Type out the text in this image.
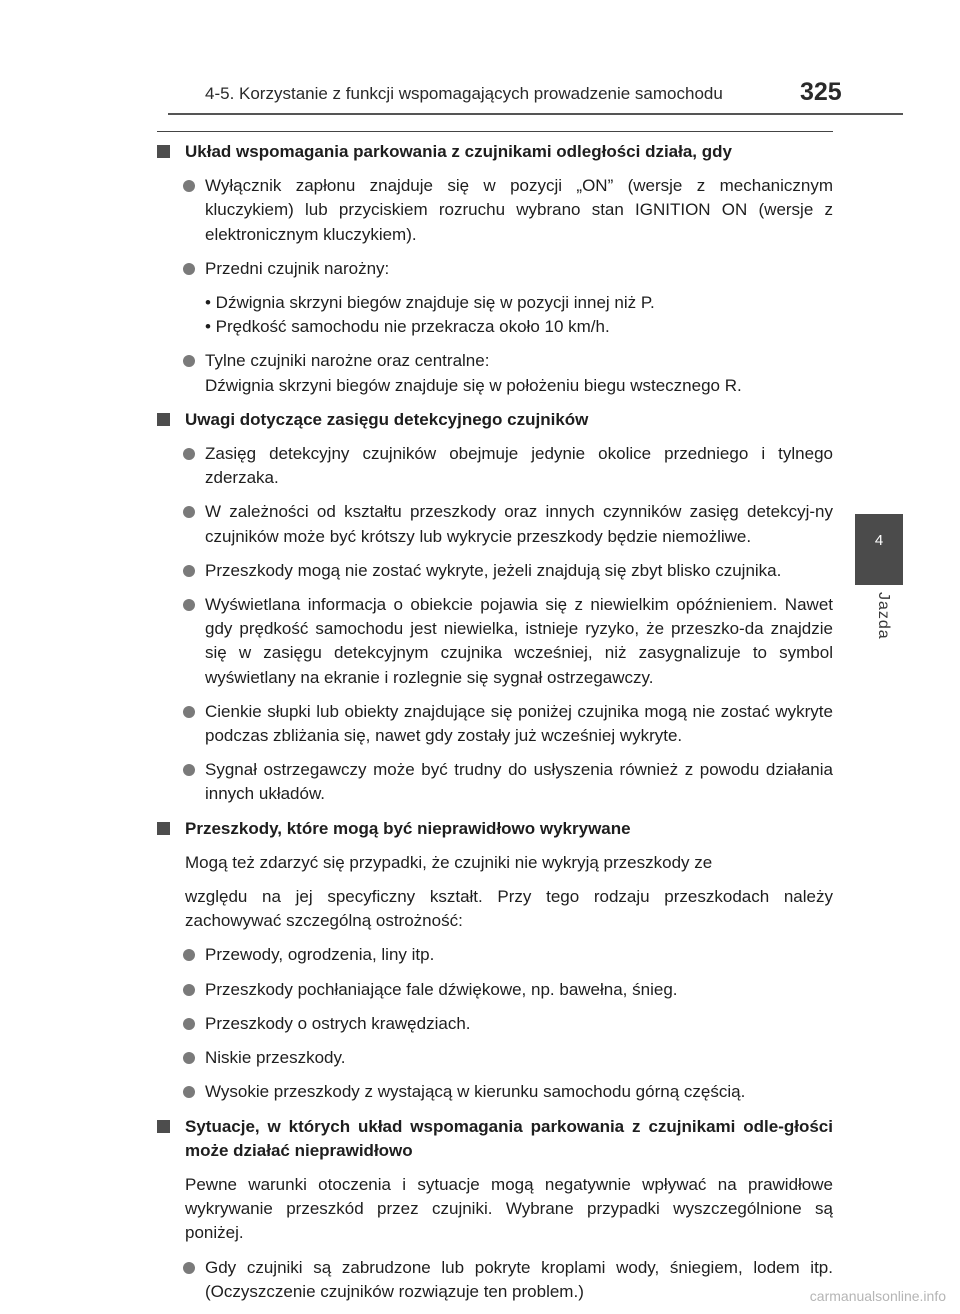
4-5. Korzystanie z funkcji wspomagających prowadzenie samochodu	325
4
Jazda

Układ wspomagania parkowania z czujnikami odległości działa, gdy

Wyłącznik zapłonu znajduje się w pozycji „ON” (wersje z mechanicznym kluczykiem) lub przyciskiem rozruchu wybrano stan IGNITION ON (wersje z elektronicznym kluczykiem).

Przedni czujnik narożny:

• Dźwignia skrzyni biegów znajduje się w pozycji innej niż P.
• Prędkość samochodu nie przekracza około 10 km/h.

Tylne czujniki narożne oraz centralne:

Dźwignia skrzyni biegów znajduje się w położeniu biegu wstecznego R.

Uwagi dotyczące zasięgu detekcyjnego czujników

Zasięg detekcyjny czujników obejmuje jedynie okolice przedniego i tylnego zderzaka.

W zależności od kształtu przeszkody oraz innych czynników zasięg detekcyj-ny czujników może być krótszy lub wykrycie przeszkody będzie niemożliwe.

Przeszkody mogą nie zostać wykryte, jeżeli znajdują się zbyt blisko czujnika.

Wyświetlana informacja o obiekcie pojawia się z niewielkim opóźnieniem. Nawet gdy prędkość samochodu jest niewielka, istnieje ryzyko, że przeszko-da znajdzie się w zasięgu detekcyjnym czujnika wcześniej, niż zasygnalizuje to symbol wyświetlany na ekranie i rozlegnie się sygnał ostrzegawczy.

Cienkie słupki lub obiekty znajdujące się poniżej czujnika mogą nie zostać wykryte podczas zbliżania się, nawet gdy zostały już wcześniej wykryte.

Sygnał ostrzegawczy może być trudny do usłyszenia również z powodu działania innych układów.

Przeszkody, które mogą być nieprawidłowo wykrywane

Mogą też zdarzyć się przypadki, że czujniki nie wykryją przeszkody ze

względu na jej specyficzny kształt. Przy tego rodzaju przeszkodach należy zachowywać szczególną ostrożność:

Przewody, ogrodzenia, liny itp.

Przeszkody pochłaniające fale dźwiękowe, np. bawełna, śnieg.

Przeszkody o ostrych krawędziach.

Niskie przeszkody.

Wysokie przeszkody z wystającą w kierunku samochodu górną częścią.

Sytuacje, w których układ wspomagania parkowania z czujnikami odle-głości może działać nieprawidłowo

Pewne warunki otoczenia i sytuacje mogą negatywnie wpływać na prawidłowe wykrywanie przeszkód przez czujniki. Wybrane przypadki wyszczególnione są poniżej.

Gdy czujniki są zabrudzone lub pokryte kroplami wody, śniegiem, lodem itp. (Oczyszczenie czujników rozwiązuje ten problem.)	carmanualsonline.info
